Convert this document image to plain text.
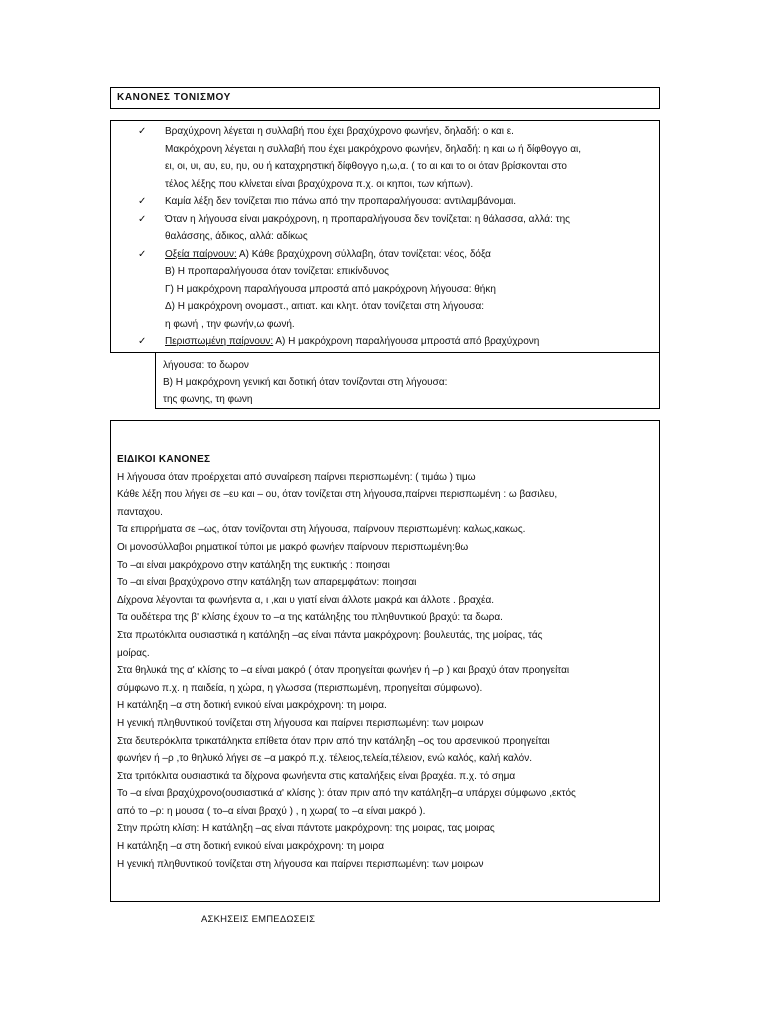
ΚΑΝΟΝΕΣ ΤΟΝΙΣΜΟΥ
✓ Βραχύχρονη λέγεται η συλλαβή που έχει βραχύχρονο φωνήεν, δηλαδή: ο και ε.
Μακρόχρονη λέγεται η συλλαβή που έχει μακρόχρονο φωνήεν, δηλαδή: η και ω ή δίφθογγο αι,
ει, οι, υι, αυ, ευ, ηυ, ου ή καταχρηστική δίφθογγο η,ω,α. ( το αι και το οι όταν βρίσκονται στο
τέλος λέξης που κλίνεται είναι βραχύχρονα π.χ. οι κηποι, των κήπων).
✓ Καμία λέξη δεν τονίζεται πιο πάνω από την προπαραλήγουσα: αντιλαμβάνομαι.
✓ Όταν η λήγουσα είναι μακρόχρονη, η προπαραλήγουσα δεν τονίζεται: η θάλασσα, αλλά: της
θαλάσσης, άδικος, αλλά: αδίκως
✓ Οξεία παίρνουν: Α) Κάθε βραχύχρονη σύλλαβη, όταν τονίζεται: νέος, δόξα
Β) Η προπαραλήγουσα όταν τονίζεται: επικίνδυνος
Γ) Η μακρόχρονη παραλήγουσα μπροστά από μακρόχρονη λήγουσα: θήκη
Δ) Η μακρόχρονη ονομαστ., αιτιατ. και κλητ. όταν τονίζεται στη λήγουσα:
η φωνή , την φωνήν,ω φωνή.
✓ Περισπωμένη παίρνουν: Α) Η μακρόχρονη παραλήγουσα μπροστά από βραχύχρονη
λήγουσα: το δωρον
Β) Η μακρόχρονη γενική και δοτική όταν τονίζονται στη λήγουσα:
της φωνης, τη φωνη
ΕΙΔΙΚΟΙ ΚΑΝΟΝΕΣ
Η λήγουσα όταν προέρχεται από συναίρεση παίρνει περισπωμένη: ( τιμάω ) τιμω
Κάθε λέξη που λήγει σε –ευ και – ου, όταν τονίζεται στη λήγουσα,παίρνει περισπωμένη : ω βασιλευ,
πανταχου.
Τα επιρρήματα σε –ως, όταν τονίζονται στη λήγουσα, παίρνουν περισπωμένη: καλως,κακως.
Οι μονοσύλλαβοι ρηματικοί τύποι με μακρό φωνήεν παίρνουν περισπωμένη:θω
Το –αι είναι μακρόχρονο στην κατάληξη της ευκτικής : ποιησαι
Το –αι είναι βραχύχρονο στην κατάληξη των απαρεμφάτων: ποιησαι
Δίχρονα λέγονται τα φωνήεντα α, ι ,και υ γιατί είναι άλλοτε μακρά και άλλοτε . βραχέα.
Τα ουδέτερα της β' κλίσης έχουν το –α της κατάληξης του πληθυντικού βραχύ: τα δωρα.
Στα πρωτόκλιτα ουσιαστικά η κατάληξη –ας είναι πάντα μακρόχρονη: βουλευτάς, της μοίρας, τάς
μοίρας.
Στα θηλυκά της α' κλίσης το –α είναι μακρό ( όταν προηγείται φωνήεν ή –ρ ) και βραχύ όταν προηγείται
σύμφωνο π.χ. η παιδεία, η χώρα, η γλωσσα (περισπωμένη, προηγείται σύμφωνο).
Η κατάληξη –α στη δοτική ενικού είναι μακρόχρονη: τη μοιρα.
Η γενική πληθυντικού τονίζεται στη λήγουσα και παίρνει περισπωμένη: των μοιρων
Στα δευτερόκλιτα τρικατάληκτα επίθετα όταν πριν από την κατάληξη –ος του αρσενικού προηγείται
φωνήεν ή –ρ ,το θηλυκό λήγει σε –α μακρό π.χ. τέλειος,τελεία,τέλειον, ενώ καλός, καλή καλόν.
Στα τριτόκλιτα ουσιαστικά τα δίχρονα φωνήεντα στις καταλήξεις είναι βραχέα. π.χ. τό σημα
Το –α είναι βραχύχρονο(ουσιαστικά α' κλίσης ): όταν πριν από την κατάληξη–α υπάρχει σύμφωνο ,εκτός
από το –ρ: η μουσα ( το–α είναι βραχύ ) , η χωρα( το –α είναι μακρό ).
Στην πρώτη κλίση: Η κατάληξη –ας είναι πάντοτε μακρόχρονη: της μοιρας, τας μοιρας
Η κατάληξη –α στη δοτική ενικού είναι μακρόχρονη: τη μοιρα
Η γενική πληθυντικού τονίζεται στη λήγουσα και παίρνει περισπωμένη: των μοιρων
ΑΣΚΗΣΕΙΣ ΕΜΠΕΔΩΣΕΙΣ
